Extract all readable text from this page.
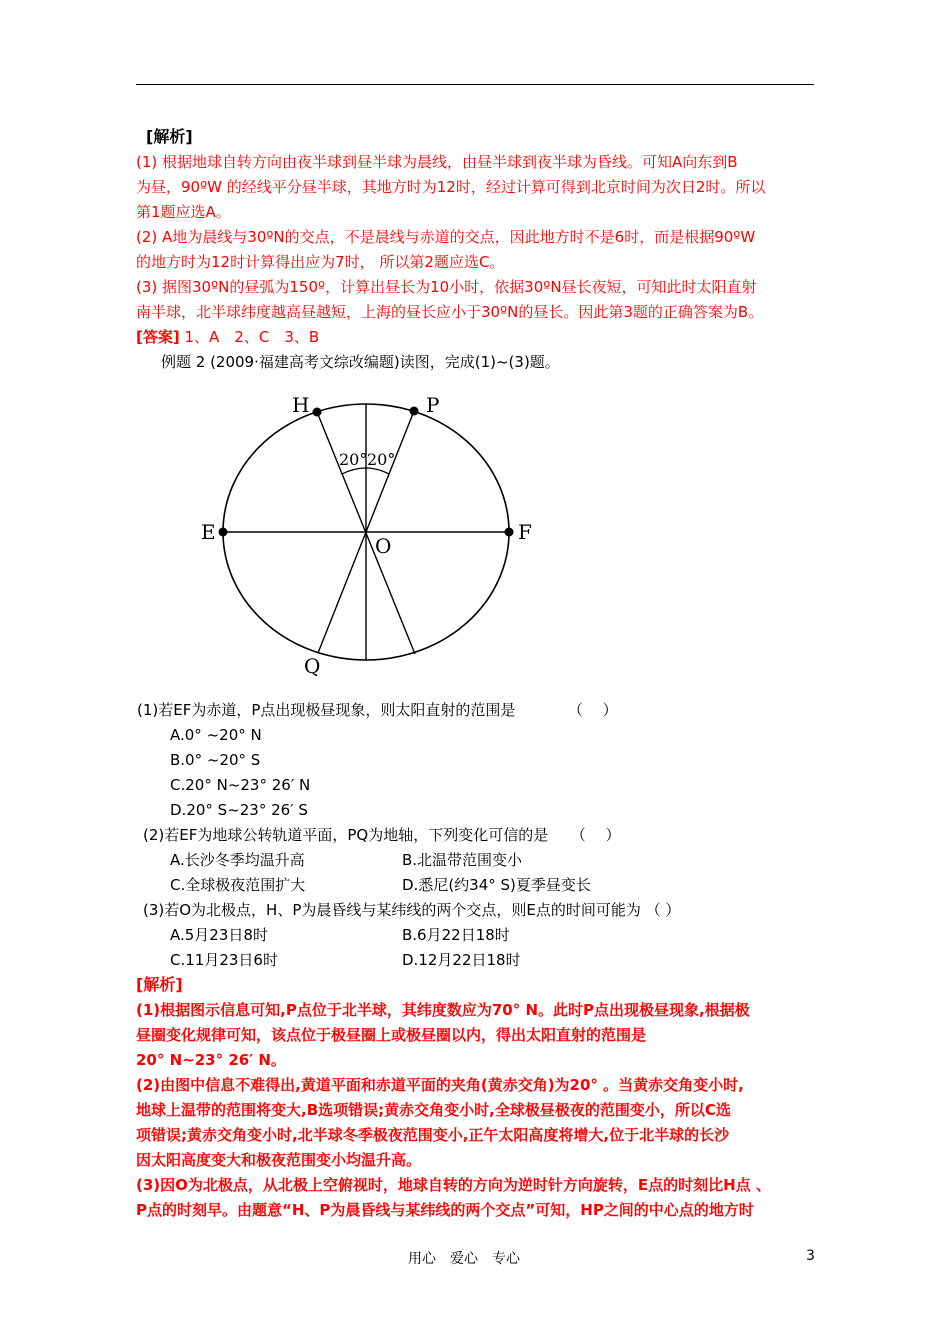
[解析]
(1) 根据地球自转方向由夜半球到昼半球为晨线，由昼半球到夜半球为昏线。可知A向东到B
为昼，90ºW 的经线平分昼半球，其地方时为12时，经过计算可得到北京时间为次日2时。所以
第1题应选A。
(2) A地为晨线与30ºN的交点，不是晨线与赤道的交点，因此地方时不是6时，而是根据90ºW
的地方时为12时计算得出应为7时， 所以第2题应选C。
(3) 据图30ºN的昼弧为150º，计算出昼长为10小时，依据30ºN昼长夜短，可知此时太阳直射
南半球，北半球纬度越高昼越短，上海的昼长应小于30ºN的昼长。因此第3题的正确答案为B。
[答案] 1、A　2、C　3、B
例题 2 (2009·福建高考文综改编题)读图，完成(1)~(3)题。
H	P
E	F
O
Q
20° 20°
(1)若EF为赤道，P点出现极昼现象，则太阳直射的范围是　　　　（　 ）
A.0° ~20° N
B.0° ~20° S
C.20° N~23° 26′ N
D.20° S~23° 26′ S
(2)若EF为地球公转轨道平面，PQ为地轴，下列变化可信的是　　（　 ）
A.长沙冬季均温升高	B.北温带范围变小
C.全球极夜范围扩大	D.悉尼(约34° S)夏季昼变长
(3)若O为北极点，H、P为晨昏线与某纬线的两个交点，则E点的时间可能为 （ ）
A.5月23日8时	B.6月22日18时
C.11月23日6时	D.12月22日18时
[解析]
(1)根据图示信息可知,P点位于北半球，其纬度数应为70° N。此时P点出现极昼现象,根据极
昼圈变化规律可知，该点位于极昼圈上或极昼圈以内，得出太阳直射的范围是
20° N~23° 26′ N。
(2)由图中信息不难得出,黄道平面和赤道平面的夹角(黄赤交角)为20° 。当黄赤交角变小时,
地球上温带的范围将变大,B选项错误;黄赤交角变小时,全球极昼极夜的范围变小，所以C选
项错误;黄赤交角变小时,北半球冬季极夜范围变小,正午太阳高度将增大,位于北半球的长沙
因太阳高度变大和极夜范围变小均温升高。
(3)因O为北极点，从北极上空俯视时，地球自转的方向为逆时针方向旋转，E点的时刻比H点 、
P点的时刻早。由题意“H、P为晨昏线与某纬线的两个交点”可知，HP之间的中心点的地方时
用心　爱心　专心	3
